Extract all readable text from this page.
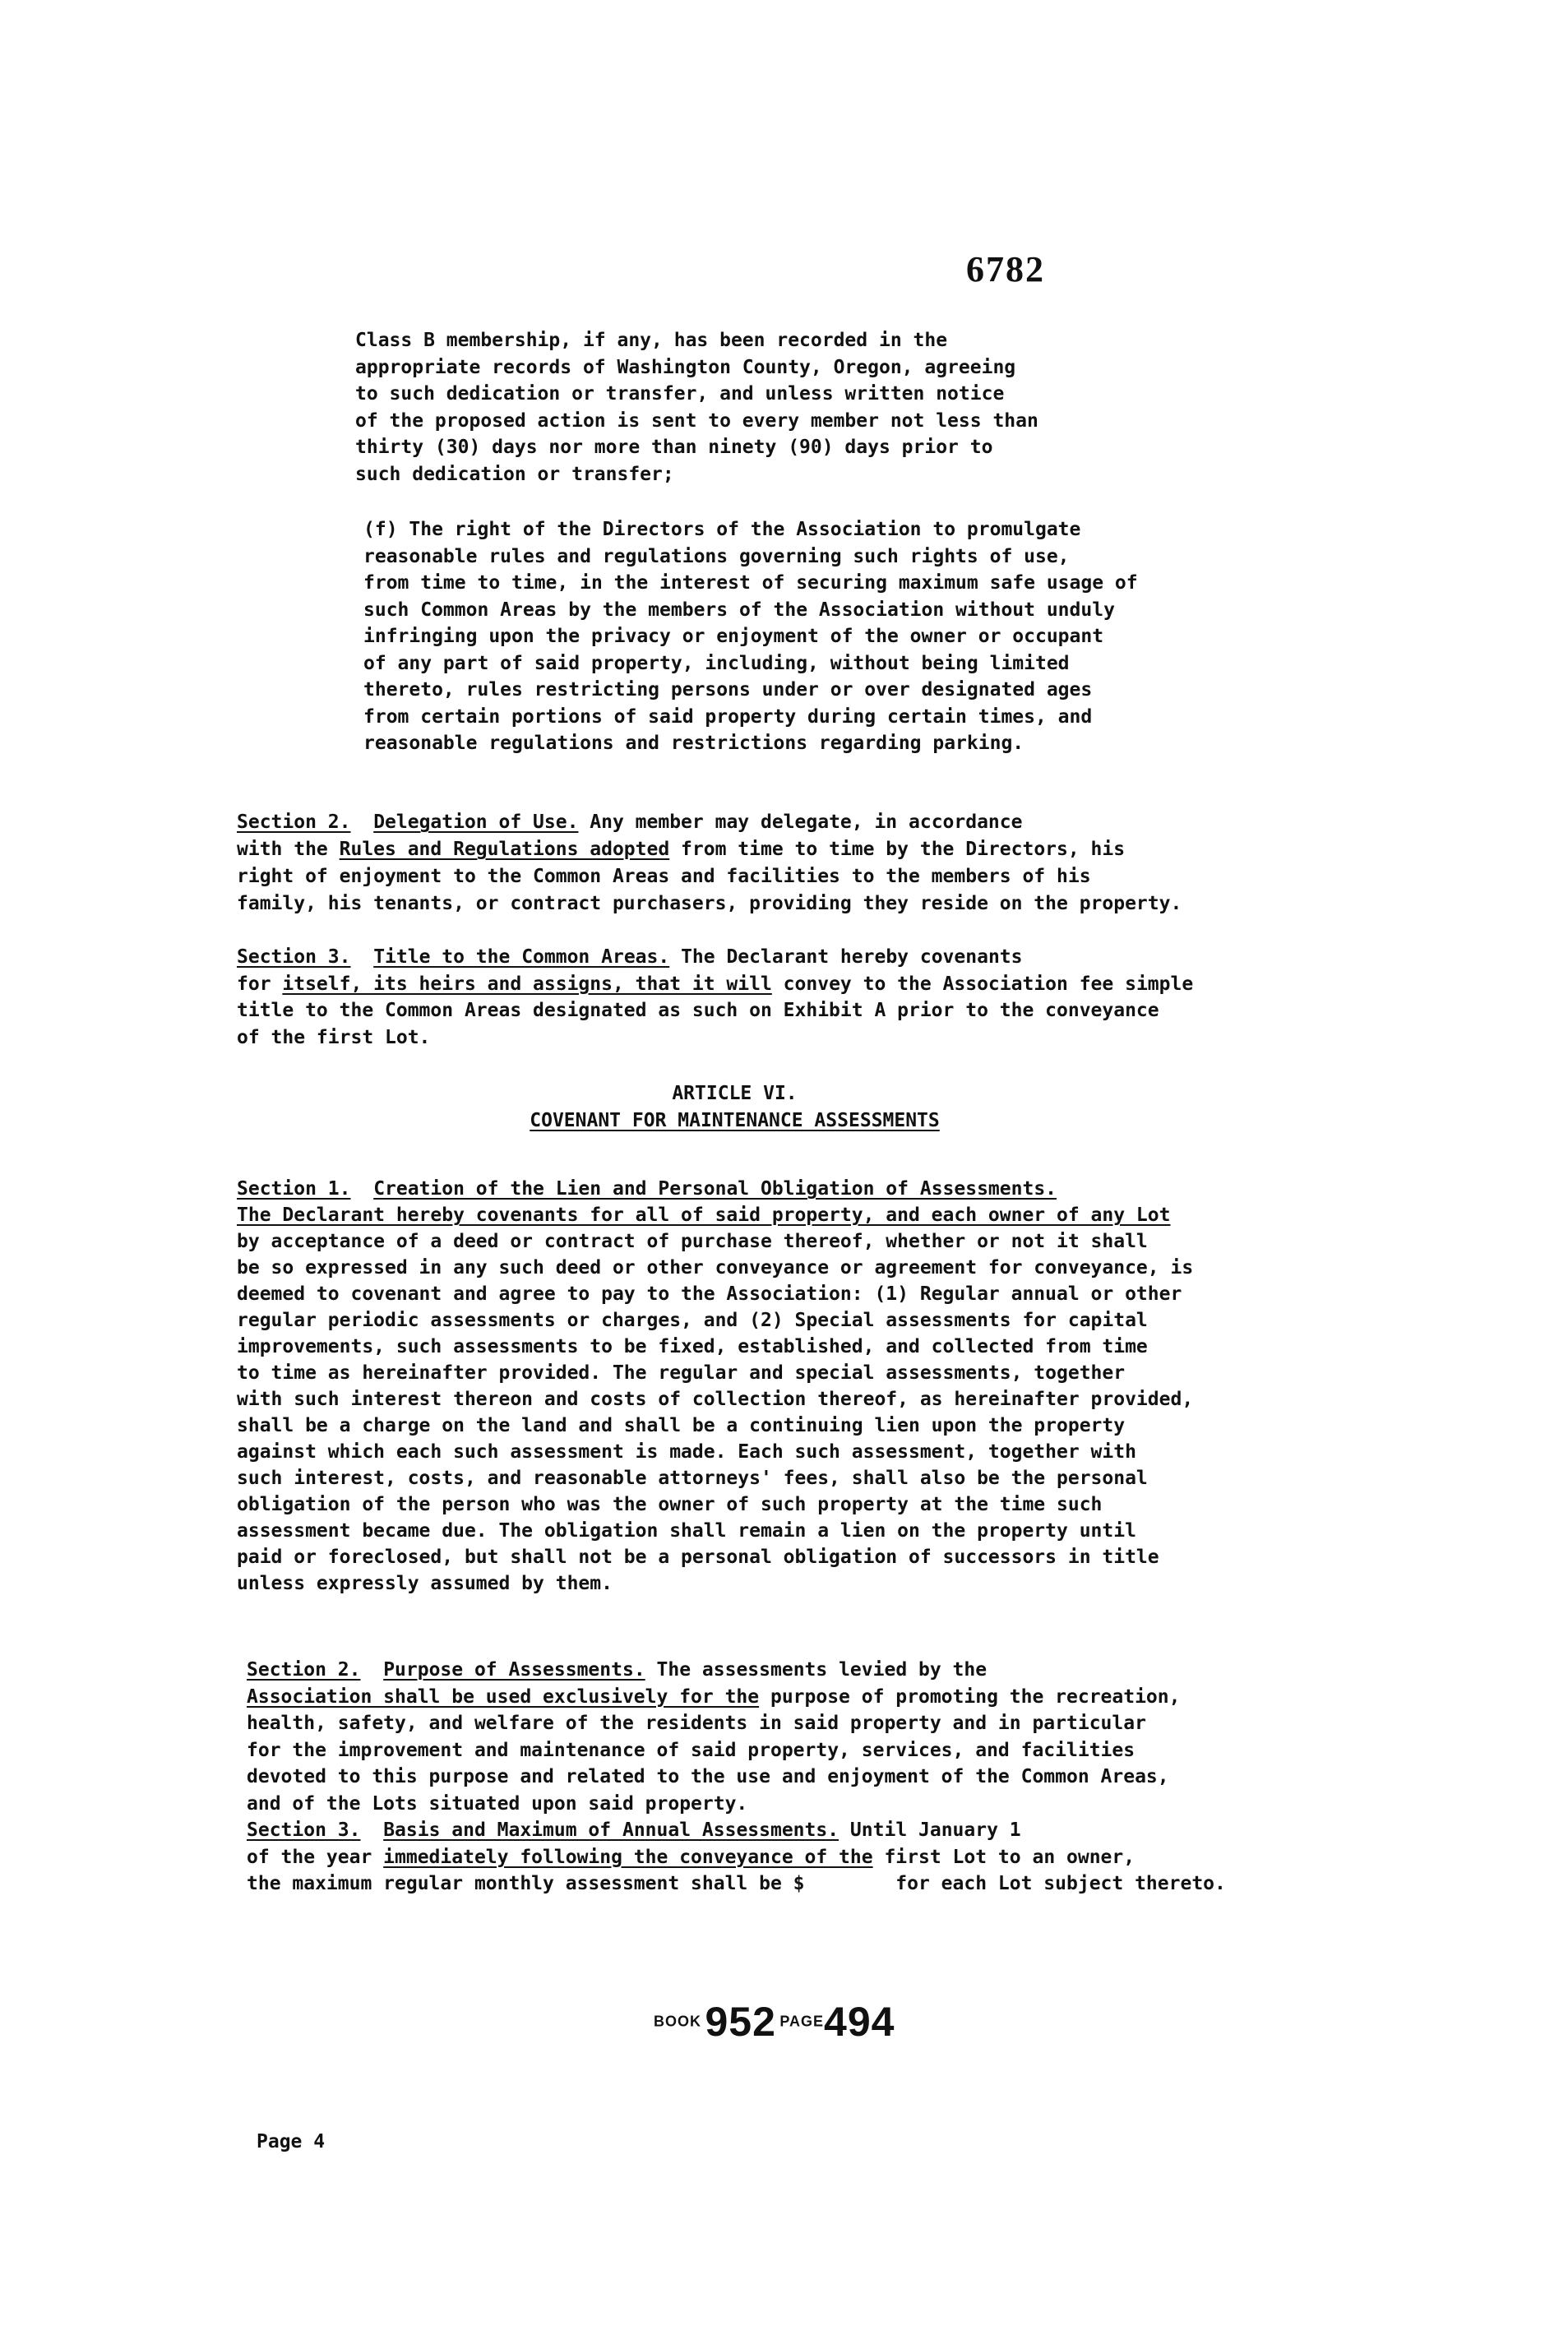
6782

Class B membership, if any, has been recorded in the
appropriate records of Washington County, Oregon, agreeing
to such dedication or transfer, and unless written notice
of the proposed action is sent to every member not less than
thirty (30) days nor more than ninety (90) days prior to
such dedication or transfer;

(f) The right of the Directors of the Association to promulgate
reasonable rules and regulations governing such rights of use,
from time to time, in the interest of securing maximum safe usage of
such Common Areas by the members of the Association without unduly
infringing upon the privacy or enjoyment of the owner or occupant
of any part of said property, including, without being limited
thereto, rules restricting persons under or over designated ages
from certain portions of said property during certain times, and
reasonable regulations and restrictions regarding parking.

Section 2. Delegation of Use. Any member may delegate, in accordance
with the Rules and Regulations adopted from time to time by the Directors, his
right of enjoyment to the Common Areas and facilities to the members of his
family, his tenants, or contract purchasers, providing they reside on the property.

Section 3. Title to the Common Areas. The Declarant hereby covenants
for itself, its heirs and assigns, that it will convey to the Association fee simple
title to the Common Areas designated as such on Exhibit A prior to the conveyance
of the first Lot.

ARTICLE VI.
COVENANT FOR MAINTENANCE ASSESSMENTS

Section 1. Creation of the Lien and Personal Obligation of Assessments.
The Declarant hereby covenants for all of said property, and each owner of any Lot
by acceptance of a deed or contract of purchase thereof, whether or not it shall
be so expressed in any such deed or other conveyance or agreement for conveyance, is
deemed to covenant and agree to pay to the Association: (1) Regular annual or other
regular periodic assessments or charges, and (2) Special assessments for capital
improvements, such assessments to be fixed, established, and collected from time
to time as hereinafter provided. The regular and special assessments, together
with such interest thereon and costs of collection thereof, as hereinafter provided,
shall be a charge on the land and shall be a continuing lien upon the property
against which each such assessment is made. Each such assessment, together with
such interest, costs, and reasonable attorneys' fees, shall also be the personal
obligation of the person who was the owner of such property at the time such
assessment became due. The obligation shall remain a lien on the property until
paid or foreclosed, but shall not be a personal obligation of successors in title
unless expressly assumed by them.

Section 2. Purpose of Assessments. The assessments levied by the
Association shall be used exclusively for the purpose of promoting the recreation,
health, safety, and welfare of the residents in said property and in particular
for the improvement and maintenance of said property, services, and facilities
devoted to this purpose and related to the use and enjoyment of the Common Areas,
and of the Lots situated upon said property.

Section 3. Basis and Maximum of Annual Assessments. Until January 1
of the year immediately following the conveyance of the first Lot to an owner,
the maximum regular monthly assessment shall be $        for each Lot subject thereto.

BOOK 952 PAGE494
Page 4
